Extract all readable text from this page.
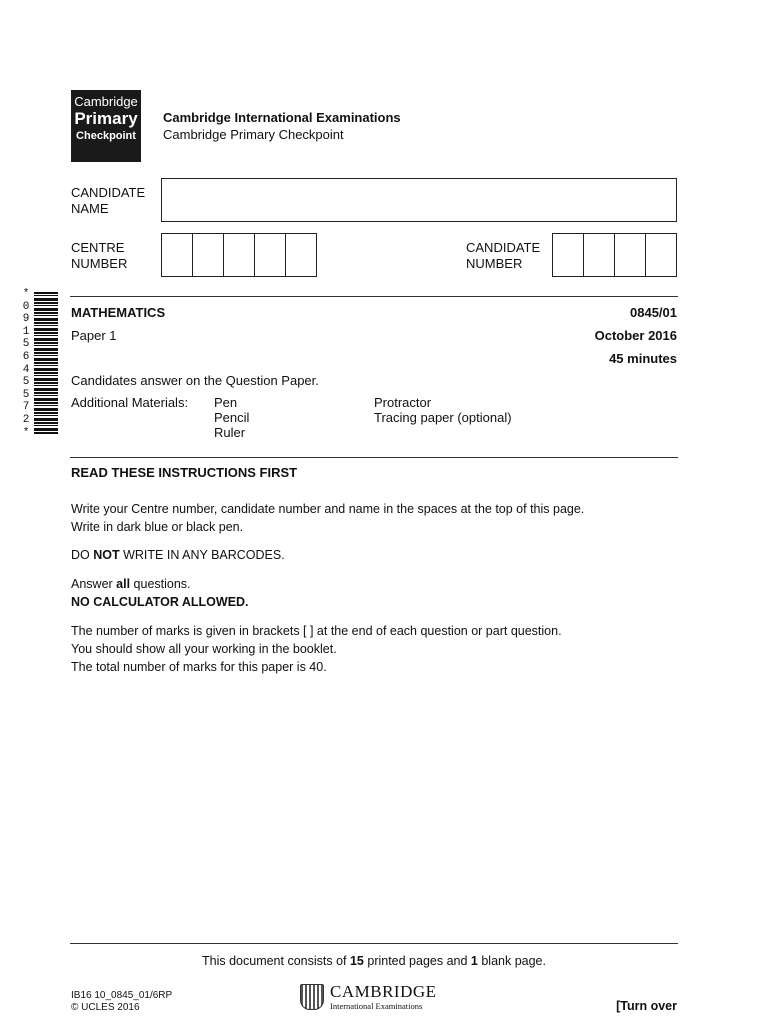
Cambridge
Primary
Checkpoint
Cambridge International Examinations
Cambridge Primary Checkpoint
CANDIDATE
NAME
CENTRE
NUMBER
CANDIDATE
NUMBER
*
0
9
1
5
6
4
5
5
7
2
*
MATHEMATICS
Paper 1
0845/01
October 2016
45 minutes
Candidates answer on the Question Paper.
Additional Materials: Pen
Pencil
Ruler
Protractor
Tracing paper (optional)
READ THESE INSTRUCTIONS FIRST

Write your Centre number, candidate number and name in the spaces at the top of this page.

Write in dark blue or black pen.

DO NOT WRITE IN ANY BARCODES.

Answer all questions.

NO CALCULATOR ALLOWED.

The number of marks is given in brackets [ ] at the end of each question or part question.

You should show all your working in the booklet.

The total number of marks for this paper is 40.

This document consists of 15 printed pages and 1 blank page.
IB16 10_0845_01/6RP
© UCLES 2016
CAMBRIDGE
International Examinations	[Turn over
